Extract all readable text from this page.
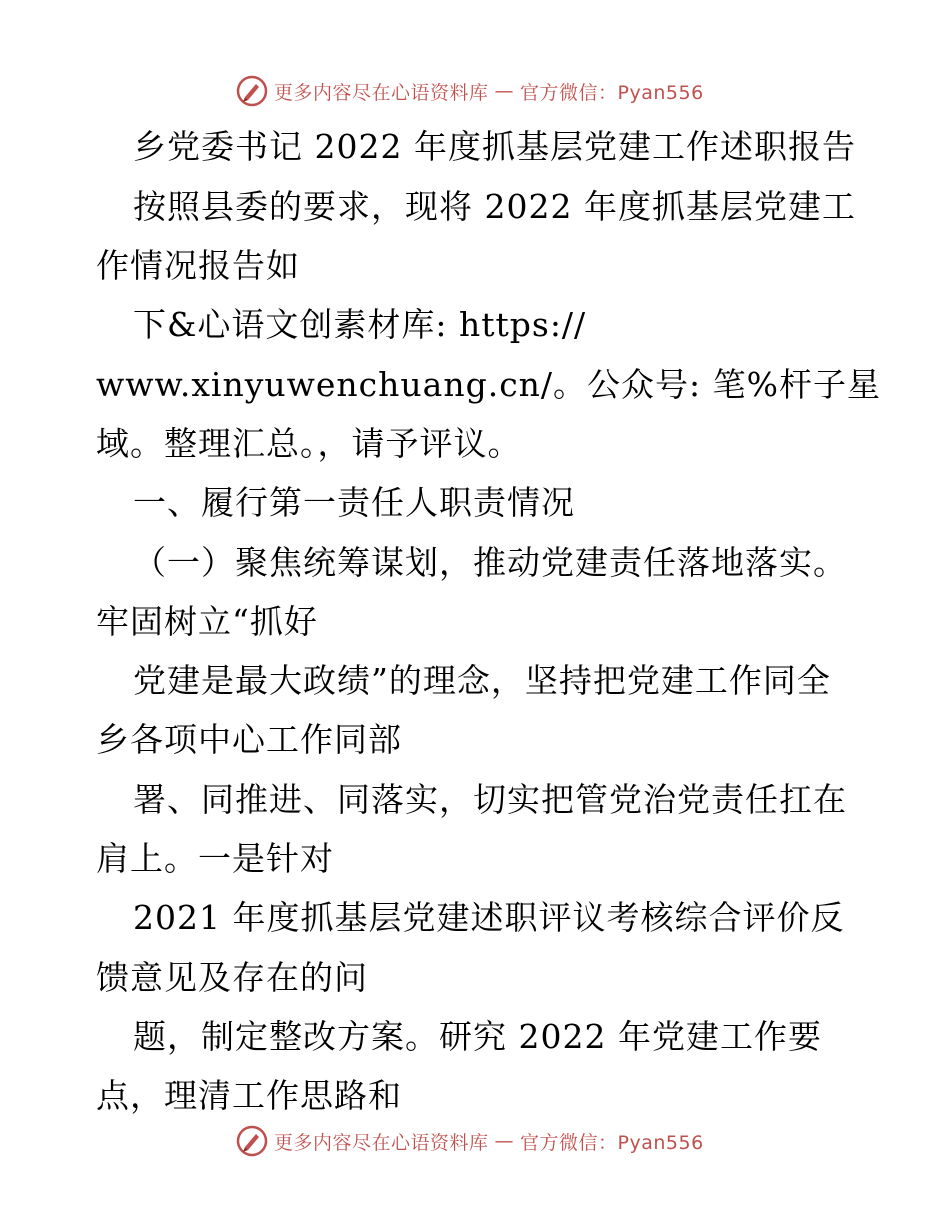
更多内容尽在心语资料库 — 官方微信：Pyan556
乡党委书记 2022 年度抓基层党建工作述职报告
按照县委的要求，现将 2022 年度抓基层党建工
作情况报告如
下&心语文创素材库: https://
www.xinyuwenchuang.cn/。公众号: 笔%杆子星
域。整理汇总。，请予评议。
一、履行第一责任人职责情况
（一）聚焦统筹谋划，推动党建责任落地落实。
牢固树立“抓好
党建是最大政绩”的理念，坚持把党建工作同全
乡各项中心工作同部
署、同推进、同落实，切实把管党治党责任扛在
肩上。一是针对
2021 年度抓基层党建述职评议考核综合评价反
馈意见及存在的问
题，制定整改方案。研究 2022 年党建工作要
点，理清工作思路和
更多内容尽在心语资料库 — 官方微信：Pyan556
